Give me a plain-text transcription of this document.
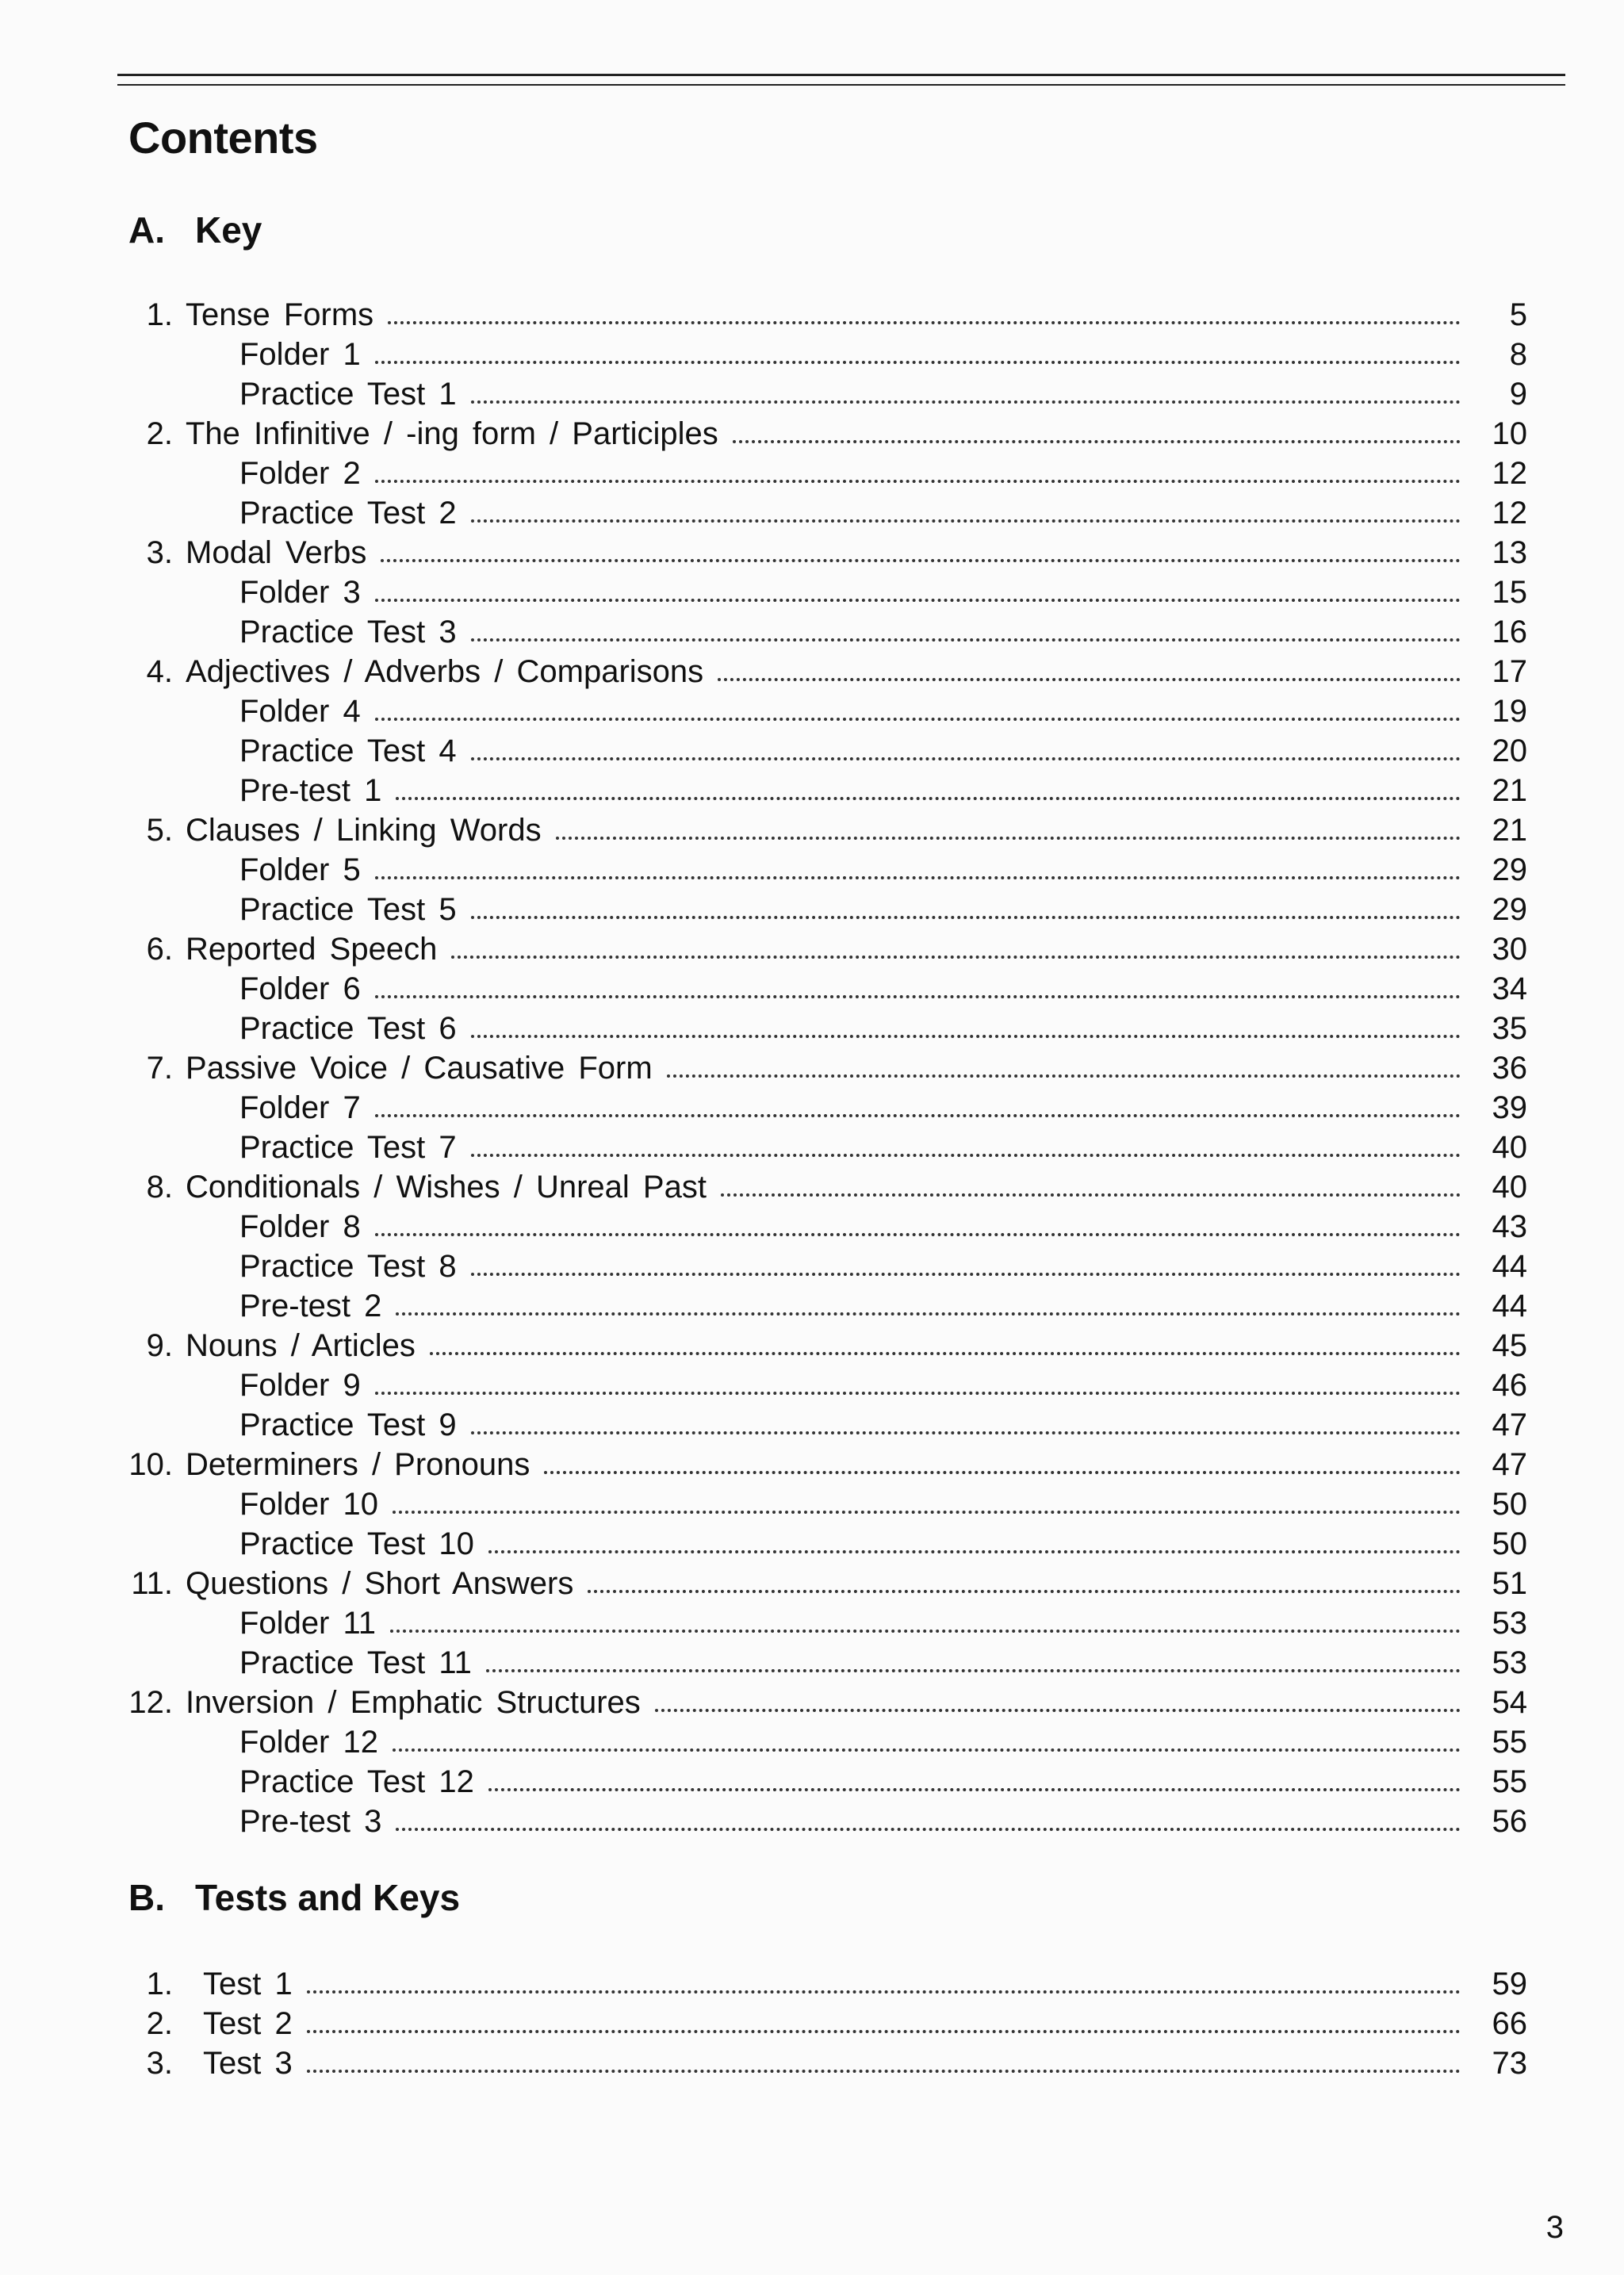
Contents
A. Key
1. Tense Forms	5
Folder 1	8
Practice Test 1	9
2. The Infinitive / -ing form / Participles	10
Folder 2	12
Practice Test 2	12
3. Modal Verbs	13
Folder 3	15
Practice Test 3	16
4. Adjectives / Adverbs / Comparisons	17
Folder 4	19
Practice Test 4	20
Pre-test 1	21
5. Clauses / Linking Words	21
Folder 5	29
Practice Test 5	29
6. Reported Speech	30
Folder 6	34
Practice Test 6	35
7. Passive Voice / Causative Form	36
Folder 7	39
Practice Test 7	40
8. Conditionals / Wishes / Unreal Past	40
Folder 8	43
Practice Test 8	44
Pre-test 2	44
9. Nouns / Articles	45
Folder 9	46
Practice Test 9	47
10. Determiners / Pronouns	47
Folder 10	50
Practice Test 10	50
11. Questions / Short Answers	51
Folder 11	53
Practice Test 11	53
12. Inversion / Emphatic Structures	54
Folder 12	55
Practice Test 12	55
Pre-test 3	56
B. Tests and Keys
1. Test 1	59
2. Test 2	66
3. Test 3	73
3
